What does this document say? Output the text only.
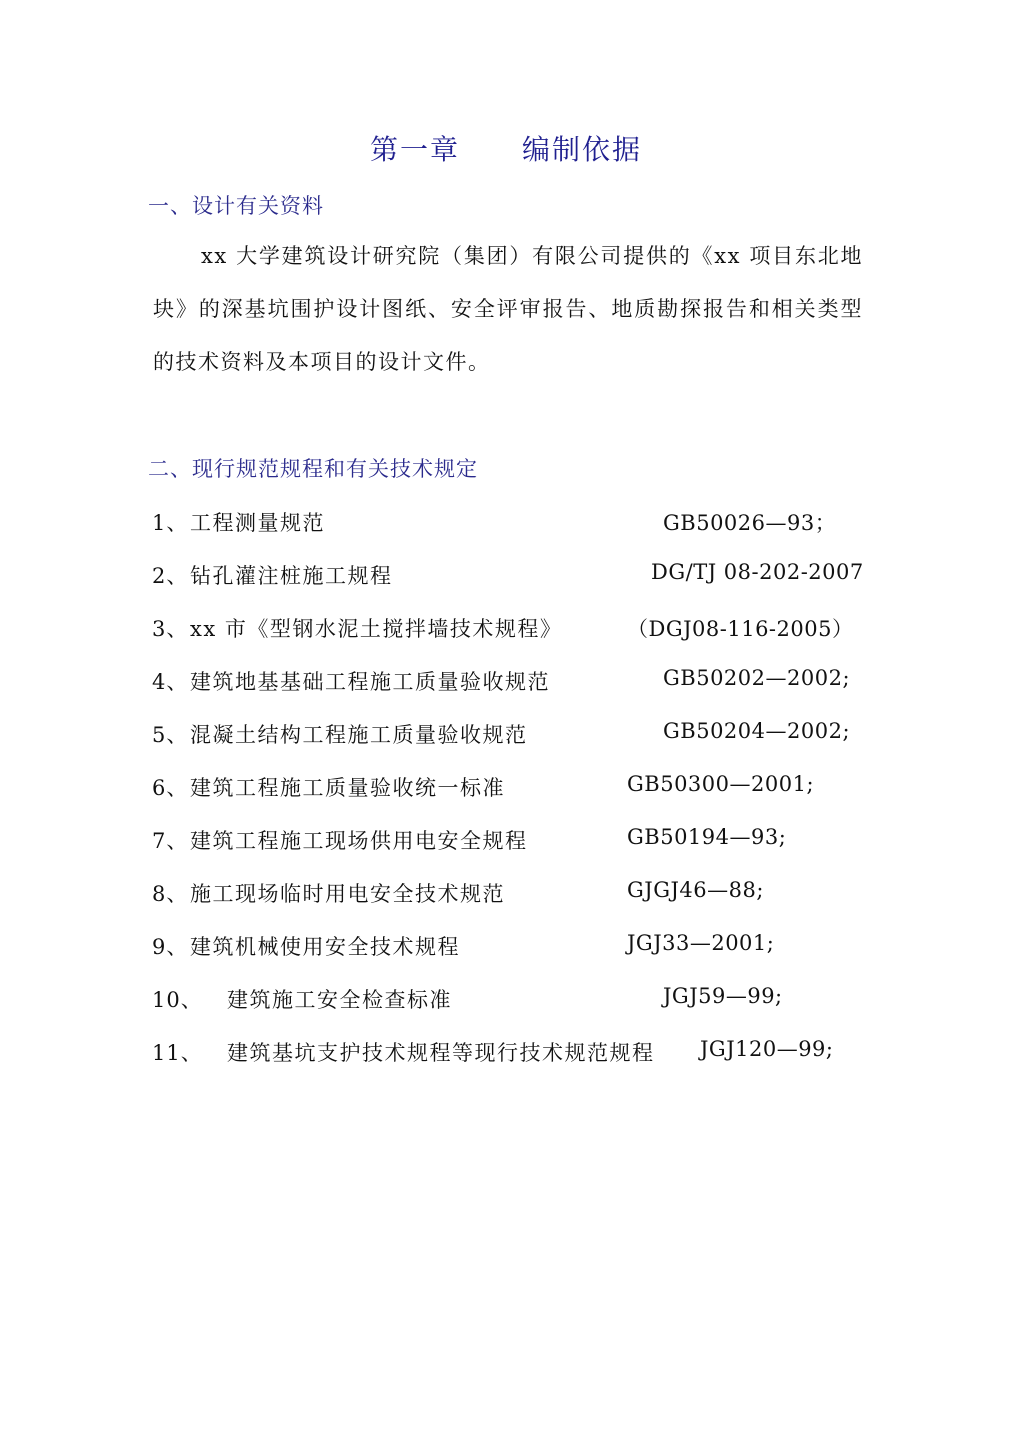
第一章 编制依据
一、设计有关资料
xx 大学建筑设计研究院（集团）有限公司提供的《xx 项目东北地块》的深基坑围护设计图纸、安全评审报告、地质勘探报告和相关类型的技术资料及本项目的设计文件。
二、现行规范规程和有关技术规定
1、工程测量规范	GB50026—93；
2、钻孔灌注桩施工规程	DG/TJ 08-202-2007
3、xx 市《型钢水泥土搅拌墙技术规程》	（DGJ08-116-2005）
4、建筑地基基础工程施工质量验收规范	GB50202—2002;
5、混凝土结构工程施工质量验收规范	GB50204—2002;
6、建筑工程施工质量验收统一标准	GB50300—2001;
7、建筑工程施工现场供用电安全规程	GB50194—93;
8、施工现场临时用电安全技术规范	GJGJ46—88;
9、建筑机械使用安全技术规程	JGJ33—2001;
10、 建筑施工安全检查标准	JGJ59—99;
11、 建筑基坑支护技术规程等现行技术规范规程 JGJ120—99;
